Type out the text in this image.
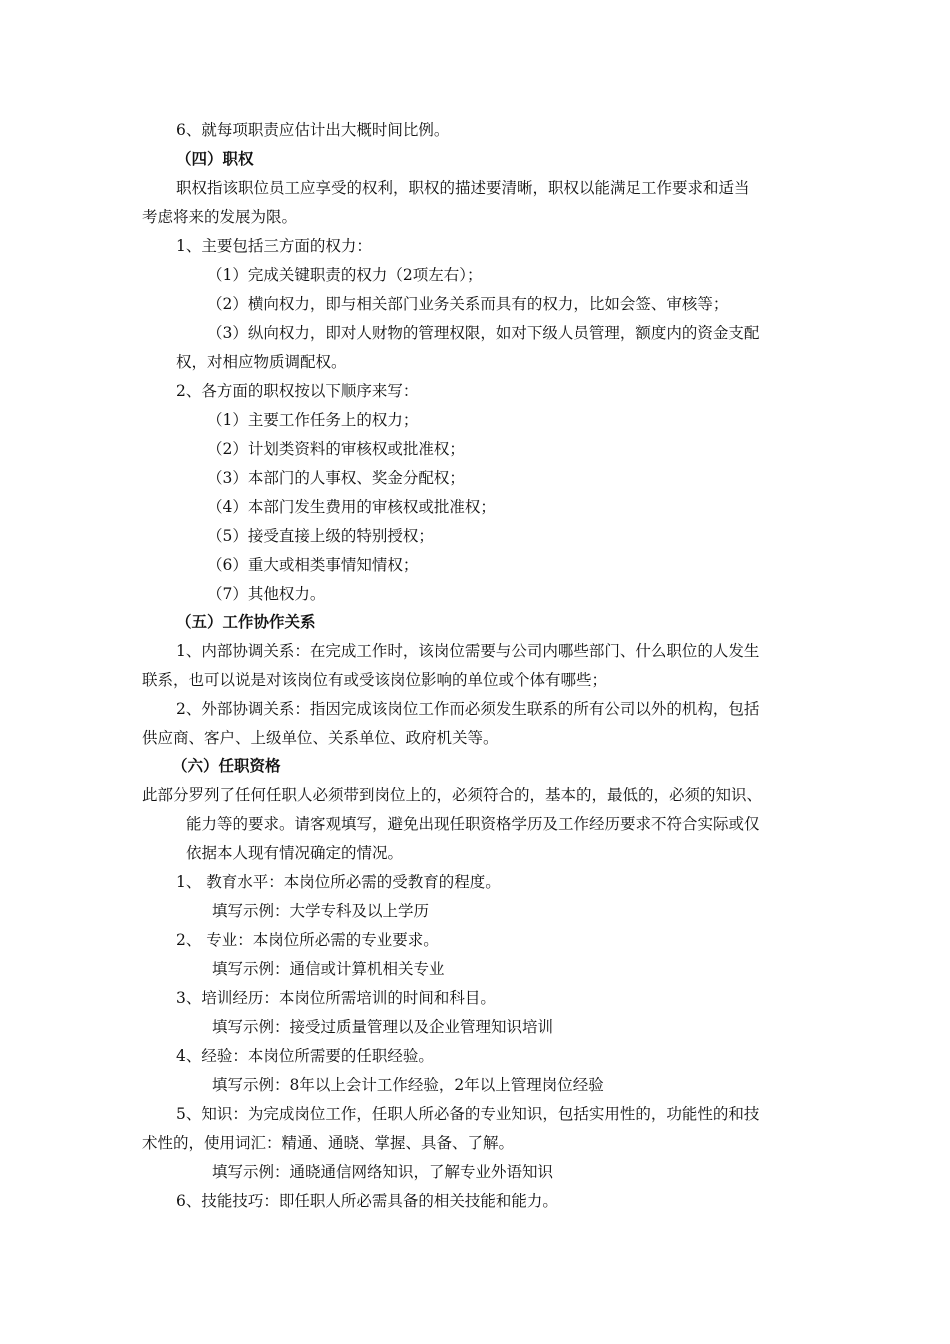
6、就每项职责应估计出大概时间比例。
（四）职权
职权指该职位员工应享受的权利，职权的描述要清晰，职权以能满足工作要求和适当
考虑将来的发展为限。
1、主要包括三方面的权力：
（1）完成关键职责的权力（2项左右）；
（2）横向权力，即与相关部门业务关系而具有的权力，比如会签、审核等；
（3）纵向权力，即对人财物的管理权限，如对下级人员管理，额度内的资金支配
权，对相应物质调配权。
2、各方面的职权按以下顺序来写：
（1）主要工作任务上的权力；
（2）计划类资料的审核权或批准权；
（3）本部门的人事权、奖金分配权；
（4）本部门发生费用的审核权或批准权；
（5）接受直接上级的特别授权；
（6）重大或相类事情知情权；
（7）其他权力。
（五）工作协作关系
1、内部协调关系：在完成工作时，该岗位需要与公司内哪些部门、什么职位的人发生
联系，也可以说是对该岗位有或受该岗位影响的单位或个体有哪些；
2、外部协调关系：指因完成该岗位工作而必须发生联系的所有公司以外的机构，包括
供应商、客户、上级单位、关系单位、政府机关等。
（六）任职资格
此部分罗列了任何任职人必须带到岗位上的，必须符合的，基本的，最低的，必须的知识、
能力等的要求。请客观填写，避免出现任职资格学历及工作经历要求不符合实际或仅
依据本人现有情况确定的情况。
1、 教育水平：本岗位所必需的受教育的程度。
填写示例：大学专科及以上学历
2、 专业：本岗位所必需的专业要求。
填写示例：通信或计算机相关专业
3、培训经历：本岗位所需培训的时间和科目。
填写示例：接受过质量管理以及企业管理知识培训
4、经验：本岗位所需要的任职经验。
填写示例：8年以上会计工作经验，2年以上管理岗位经验
5、知识：为完成岗位工作，任职人所必备的专业知识，包括实用性的，功能性的和技
术性的，使用词汇：精通、通晓、掌握、具备、了解。
填写示例：通晓通信网络知识，了解专业外语知识
6、技能技巧：即任职人所必需具备的相关技能和能力。
